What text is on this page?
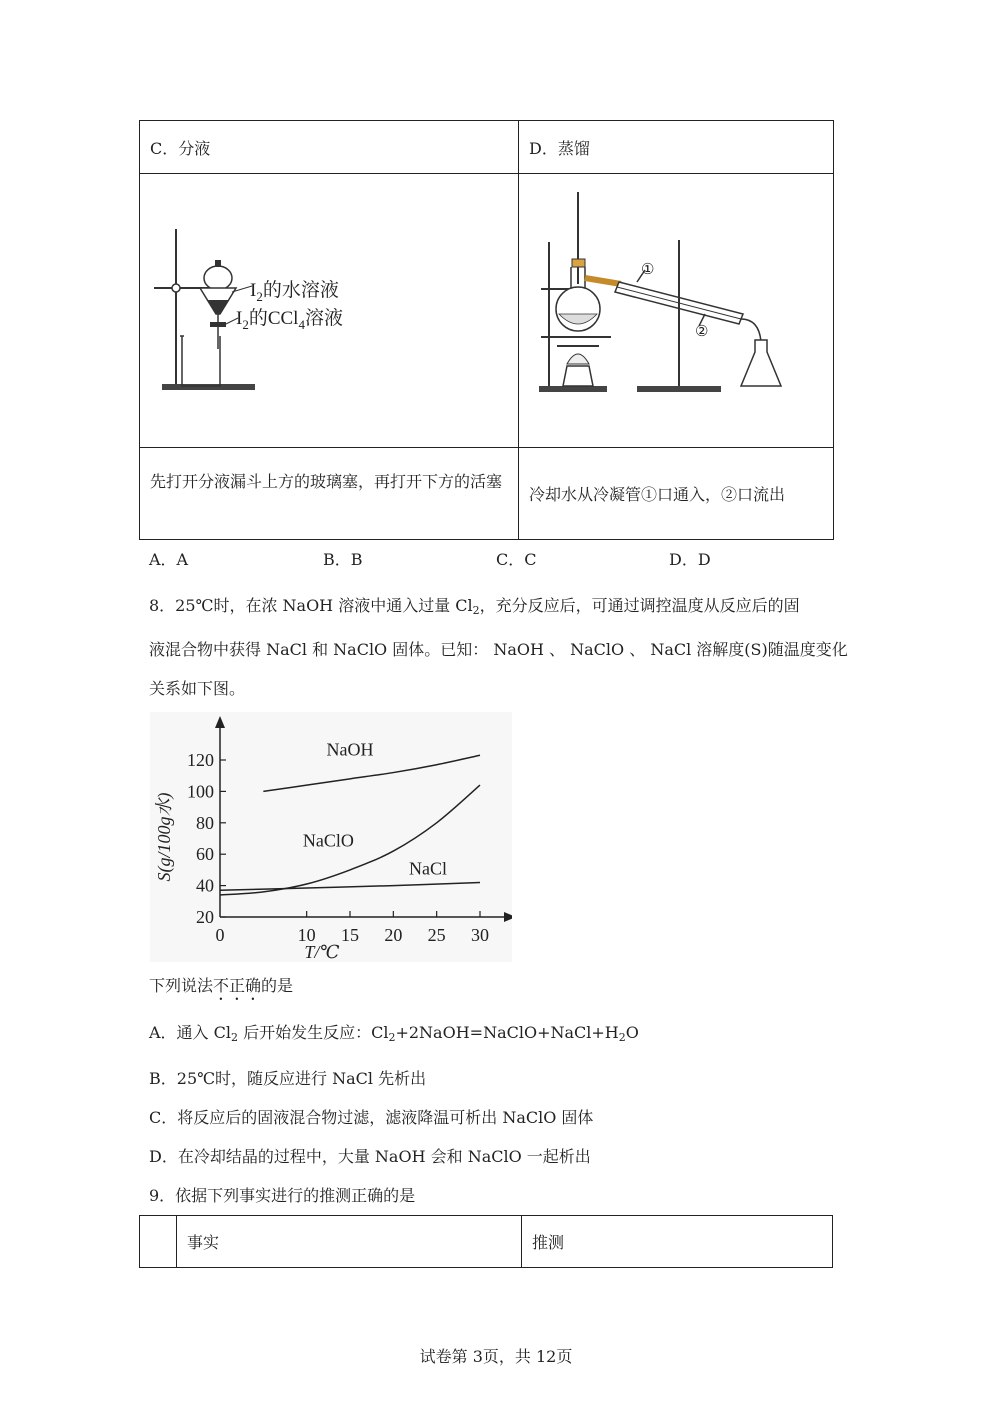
C．分液	D．蒸馏

$I_2$的水溶液
$I_2$的CCl$_4$溶液	①
②

先打开分液漏斗上方的玻璃塞，再打开下方的活塞	冷却水从冷凝管①口通入，②口流出
A．A	B．B	C．C	D．D
8．25℃时，在浓 NaOH 溶液中通入过量 $Cl_2$，充分反应后，可通过调控温度从反应后的固
液混合物中获得 NaCl 和 NaClO 固体。已知： NaOH 、 NaClO 、 NaCl 溶解度(S)随温度变化
关系如下图。
20
40
60
80
100
120
0	10 15 20 25 30
NaOH
NaClO
NaCl
T/℃
S(g/100g水)
下列说法不正确的是
A．通入 $Cl_2$ 后开始发生反应：$Cl_2+2NaOH=NaClO+NaCl+H_2O$
B．25℃时，随反应进行 NaCl 先析出
C．将反应后的固液混合物过滤，滤液降温可析出 NaClO 固体
D．在冷却结晶的过程中，大量 NaOH 会和 NaClO 一起析出
9．依据下列事实进行的推测正确的是
	事实	推测
试卷第 3页，共 12页
